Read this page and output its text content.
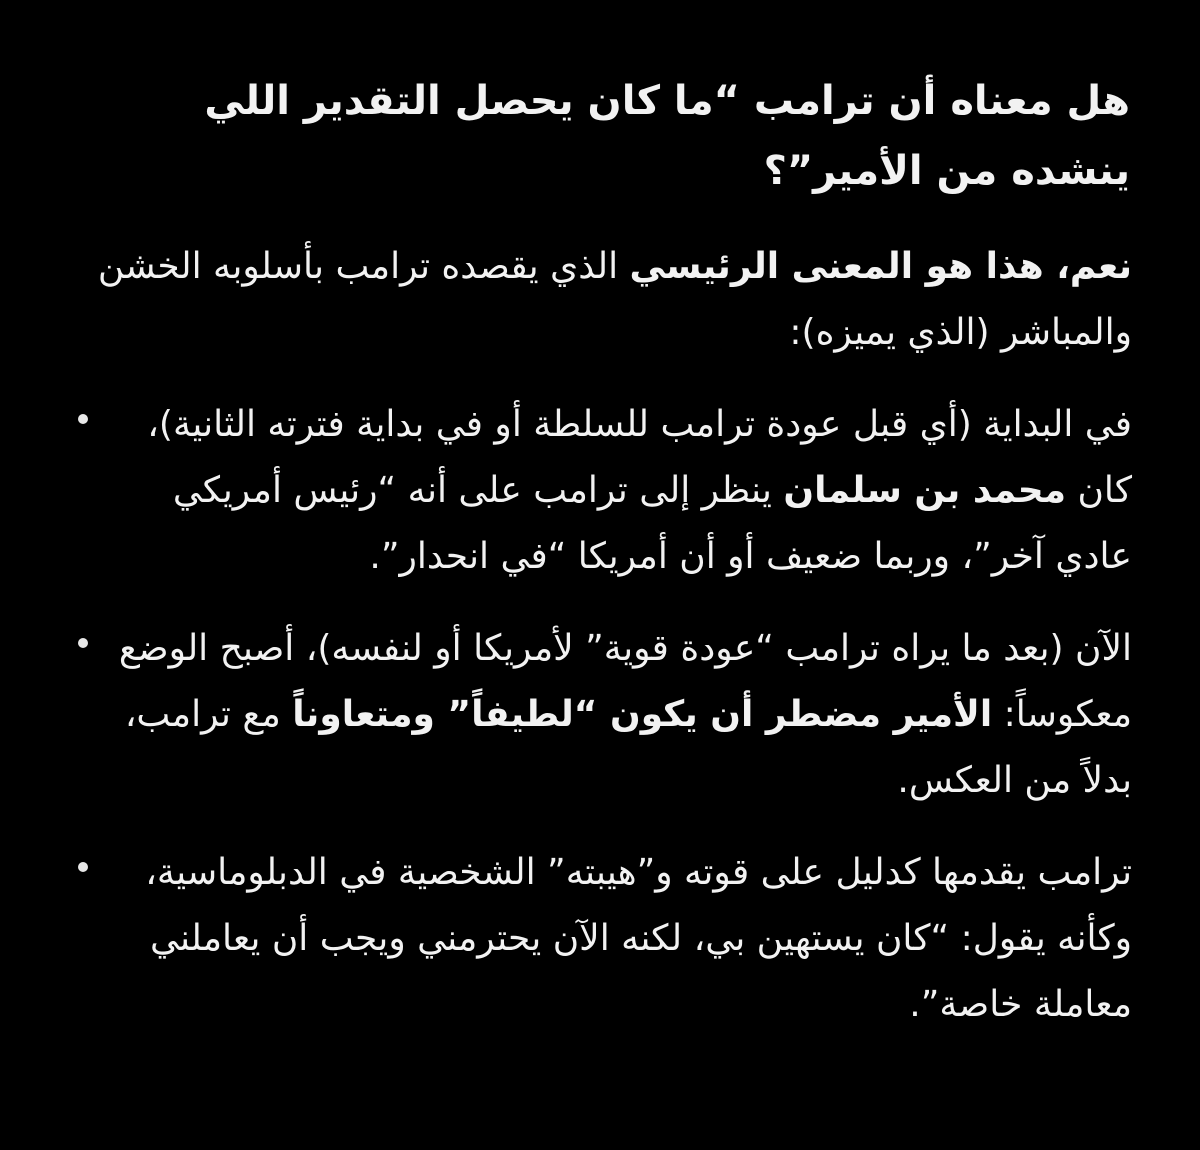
هل معناه أن ترامب “ما كان يحصل التقدير اللي ينشده من الأمير”؟
نعم، هذا هو المعنى الرئيسي الذي يقصده ترامب بأسلوبه الخشن والمباشر (الذي يميزه):
في البداية (أي قبل عودة ترامب للسلطة أو في بداية فترته الثانية)، كان محمد بن سلمان ينظر إلى ترامب على أنه “رئيس أمريكي عادي آخر”، وربما ضعيف أو أن أمريكا “في انحدار”.
الآن (بعد ما يراه ترامب “عودة قوية” لأمريكا أو لنفسه)، أصبح الوضع معكوساً: الأمير مضطر أن يكون “لطيفاً” ومتعاوناً مع ترامب، بدلاً من العكس.
ترامب يقدمها كدليل على قوته و”هيبته” الشخصية في الدبلوماسية، وكأنه يقول: “كان يستهين بي، لكنه الآن يحترمني ويجب أن يعاملني معاملة خاصة”.
